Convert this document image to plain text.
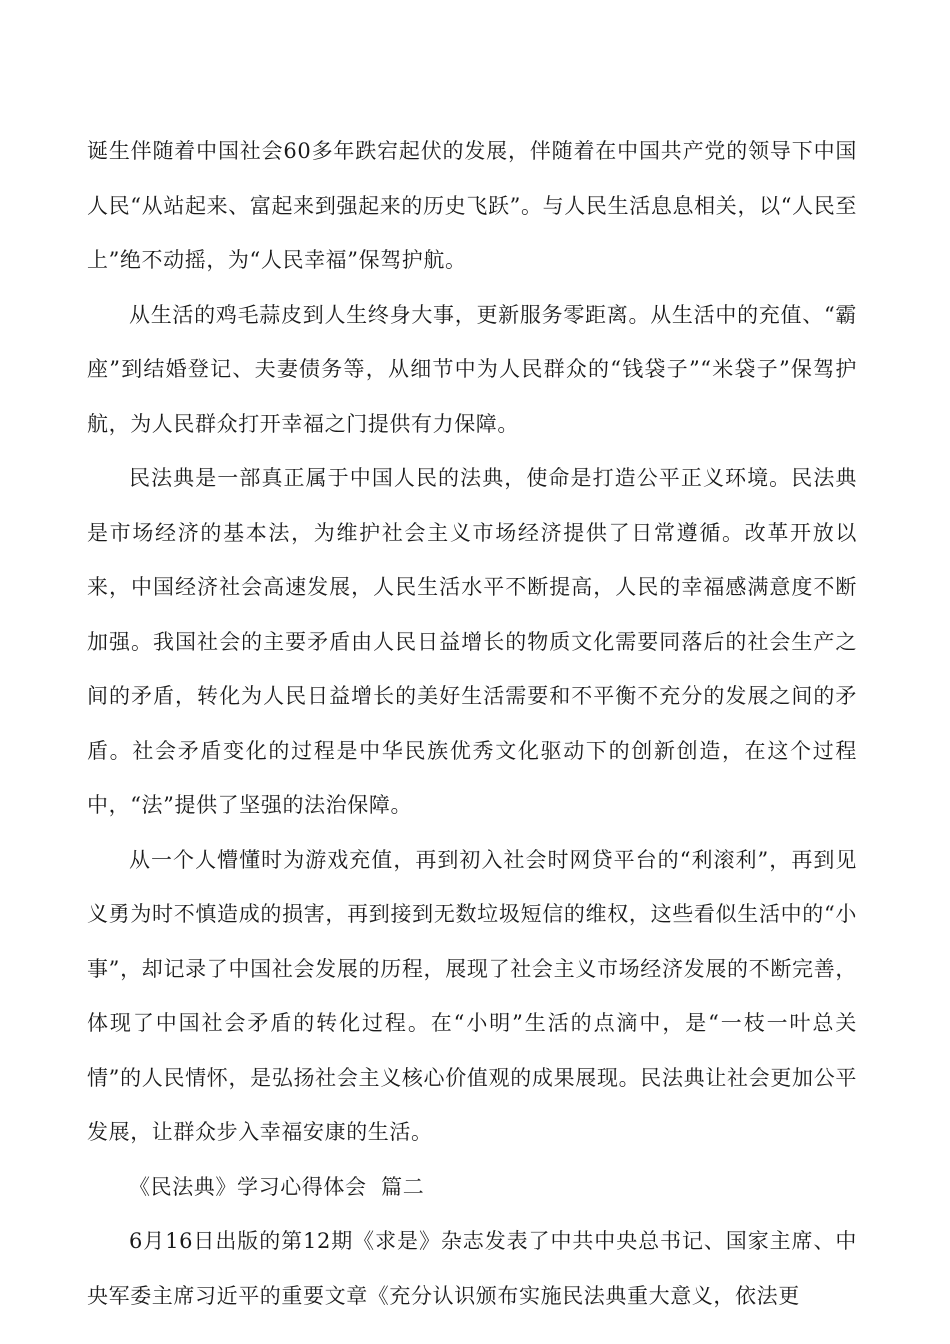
诞生伴随着中国社会60多年跌宕起伏的发展，伴随着在中国共产党的领导下中国人民“从站起来、富起来到强起来的历史飞跃”。与人民生活息息相关，以“人民至上”绝不动摇，为“人民幸福”保驾护航。

从生活的鸡毛蒜皮到人生终身大事，更新服务零距离。从生活中的充值、“霸座”到结婚登记、夫妻债务等，从细节中为人民群众的“钱袋子”“米袋子”保驾护航，为人民群众打开幸福之门提供有力保障。

民法典是一部真正属于中国人民的法典，使命是打造公平正义环境。民法典是市场经济的基本法，为维护社会主义市场经济提供了日常遵循。改革开放以来，中国经济社会高速发展，人民生活水平不断提高，人民的幸福感满意度不断加强。我国社会的主要矛盾由人民日益增长的物质文化需要同落后的社会生产之间的矛盾，转化为人民日益增长的美好生活需要和不平衡不充分的发展之间的矛盾。社会矛盾变化的过程是中华民族优秀文化驱动下的创新创造，在这个过程中，“法”提供了坚强的法治保障。

从一个人懵懂时为游戏充值，再到初入社会时网贷平台的“利滚利”，再到见义勇为时不慎造成的损害，再到接到无数垃圾短信的维权，这些看似生活中的“小事”，却记录了中国社会发展的历程，展现了社会主义市场经济发展的不断完善，体现了中国社会矛盾的转化过程。在“小明”生活的点滴中，是“一枝一叶总关情”的人民情怀，是弘扬社会主义核心价值观的成果展现。民法典让社会更加公平发展，让群众步入幸福安康的生活。

《民法典》学习心得体会  篇二

6月16日出版的第12期《求是》杂志发表了中共中央总书记、国家主席、中央军委主席习近平的重要文章《充分认识颁布实施民法典重大意义，依法更
